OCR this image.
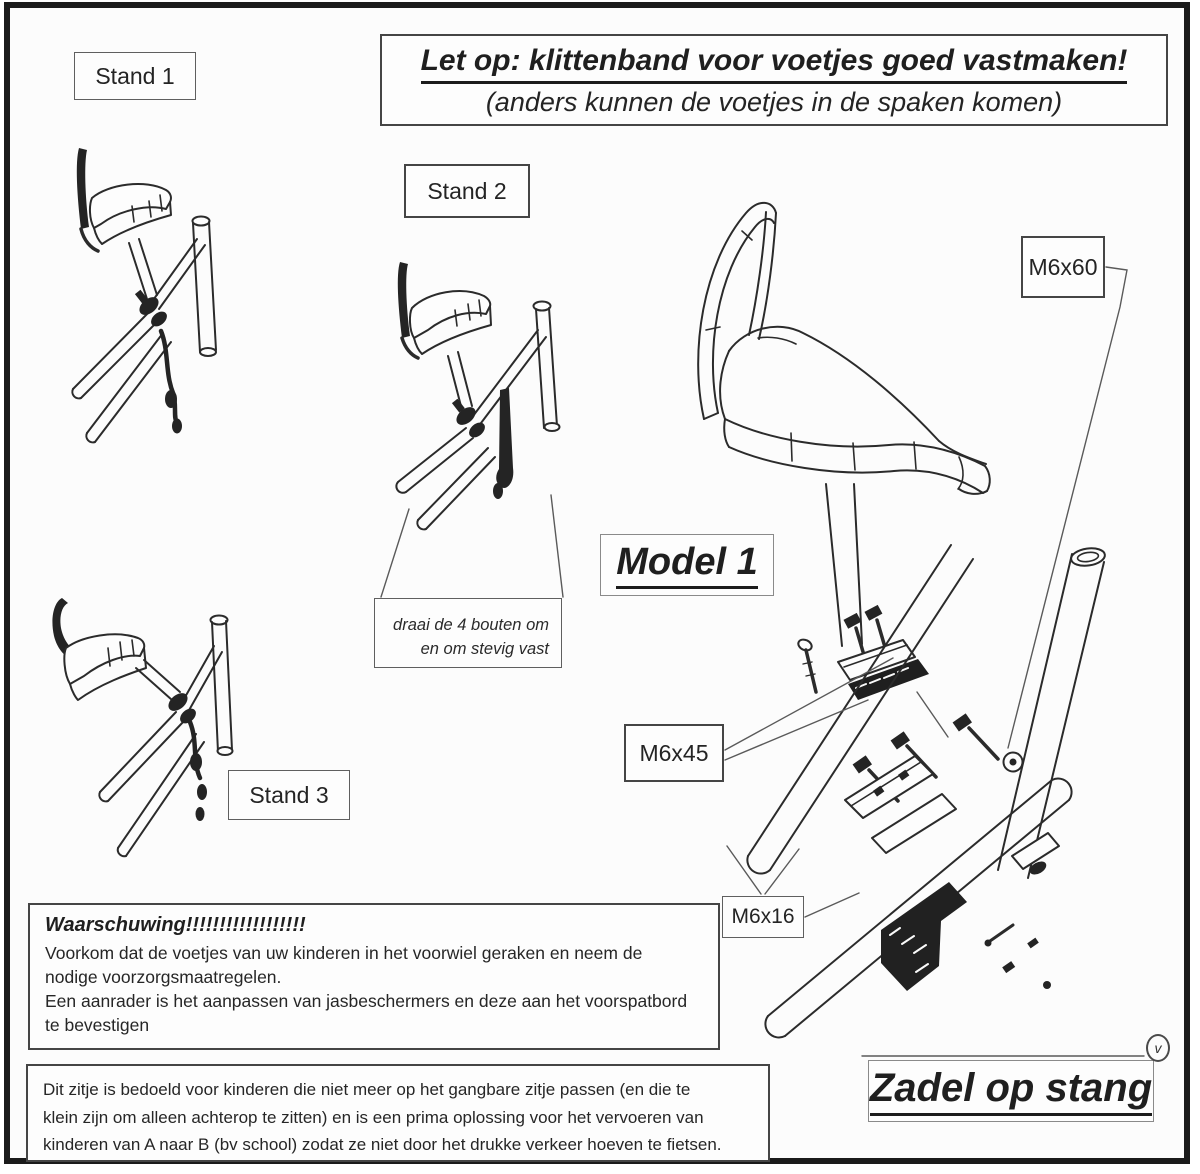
Let op: klittenband voor voetjes goed vastmaken!
(anders kunnen de voetjes in de spaken komen)
Stand 1
Stand 2
Stand 3
draai de 4 bouten om
en om stevig vast
Model 1
M6x60
M6x45
M6x16

Waarschuwing!!!!!!!!!!!!!!!!!!

Voorkom dat de voetjes van uw kinderen in het voorwiel geraken en neem de
nodige voorzorgsmaatregelen.
Een aanrader is het aanpassen van jasbeschermers en deze aan het voorspatbord
te bevestigen
Dit zitje is bedoeld voor kinderen die niet meer op het gangbare zitje passen (en die te
klein zijn om alleen achterop te zitten) en is een prima oplossing voor het vervoeren van
kinderen van A naar B (bv school) zodat ze niet door het drukke verkeer hoeven te fietsen.
Zadel op stang
v
